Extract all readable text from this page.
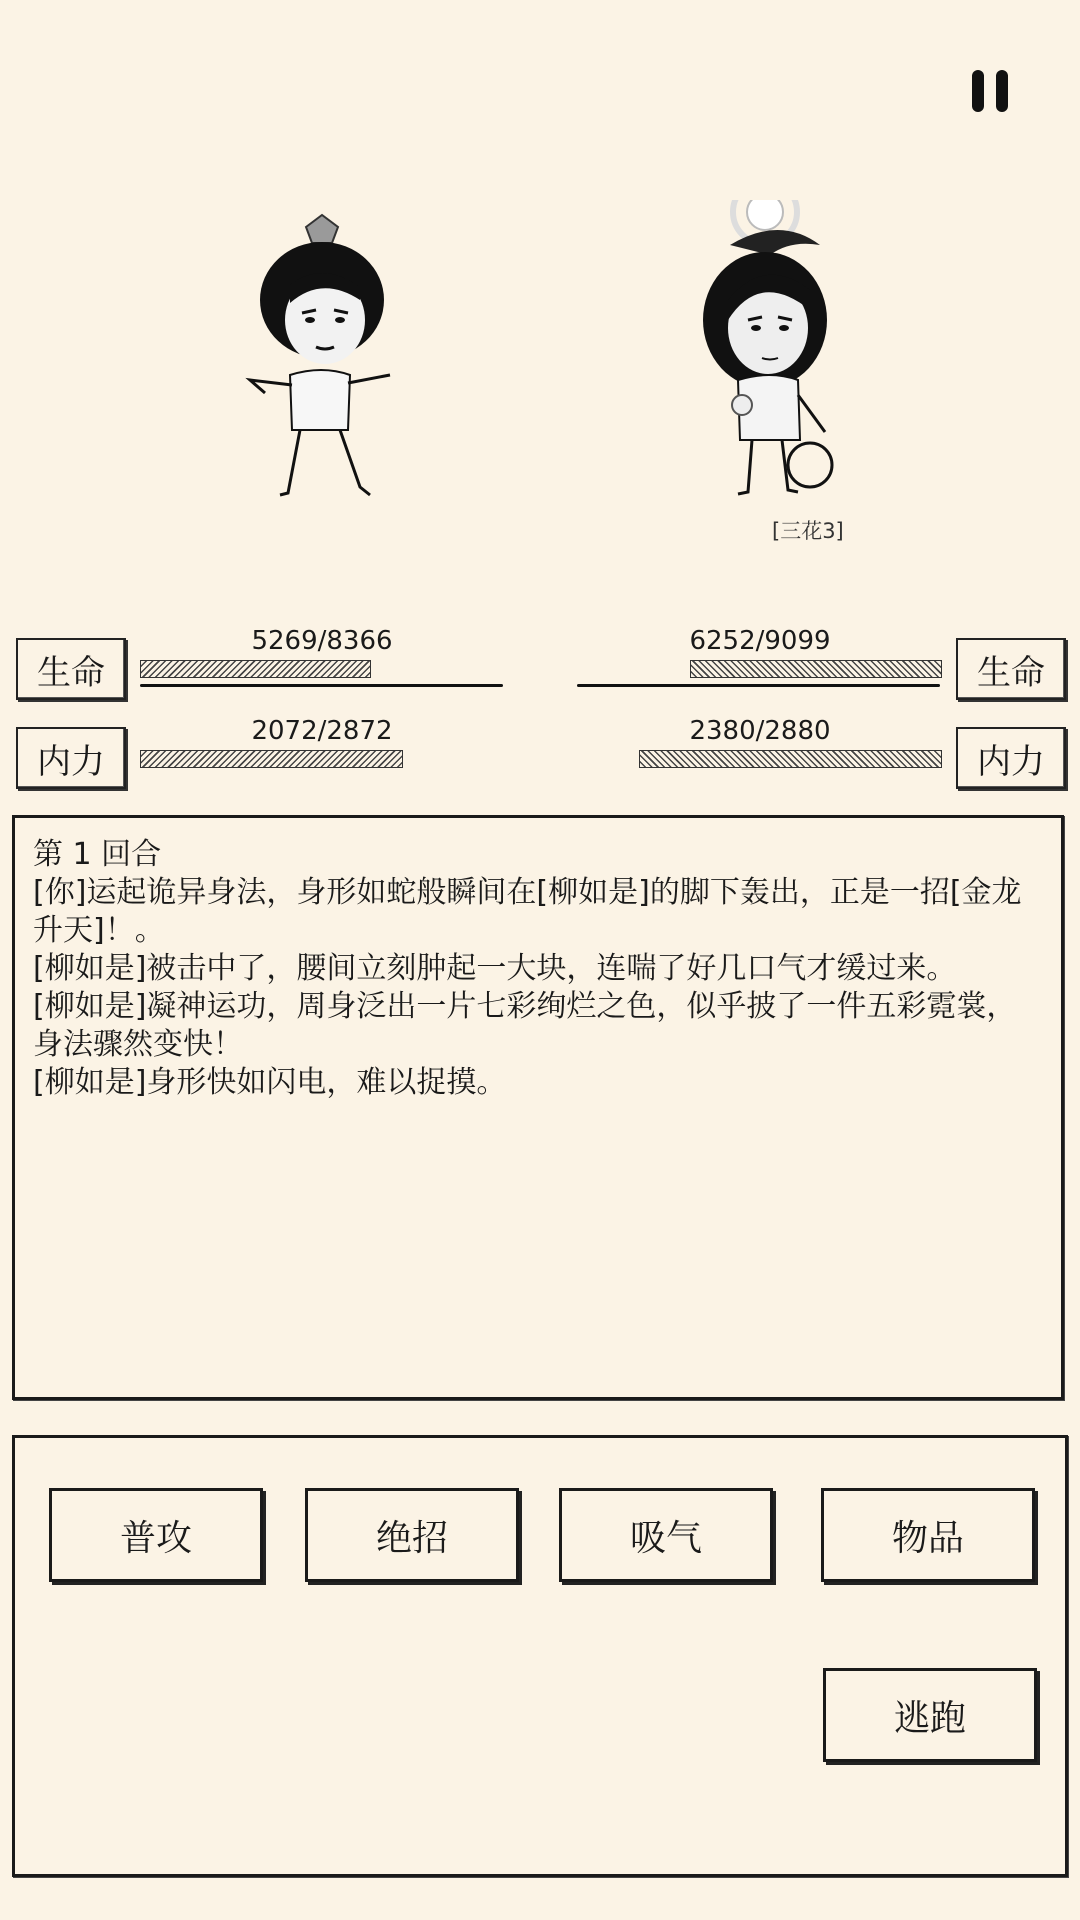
[三花3]
生命
5269/8366
内力
2072/2872
生命
6252/9099
内力
2380/2880

第 1 回合

[你]运起诡异身法，身形如蛇般瞬间在[柳如是]的脚下轰出，正是一招[金龙升天]！。

[柳如是]被击中了，腰间立刻肿起一大块，连喘了好几口气才缓过来。

[柳如是]凝神运功，周身泛出一片七彩绚烂之色，似乎披了一件五彩霓裳，身法骤然变快！

[柳如是]身形快如闪电，难以捉摸。

普攻	绝招	吸气	物品
逃跑
